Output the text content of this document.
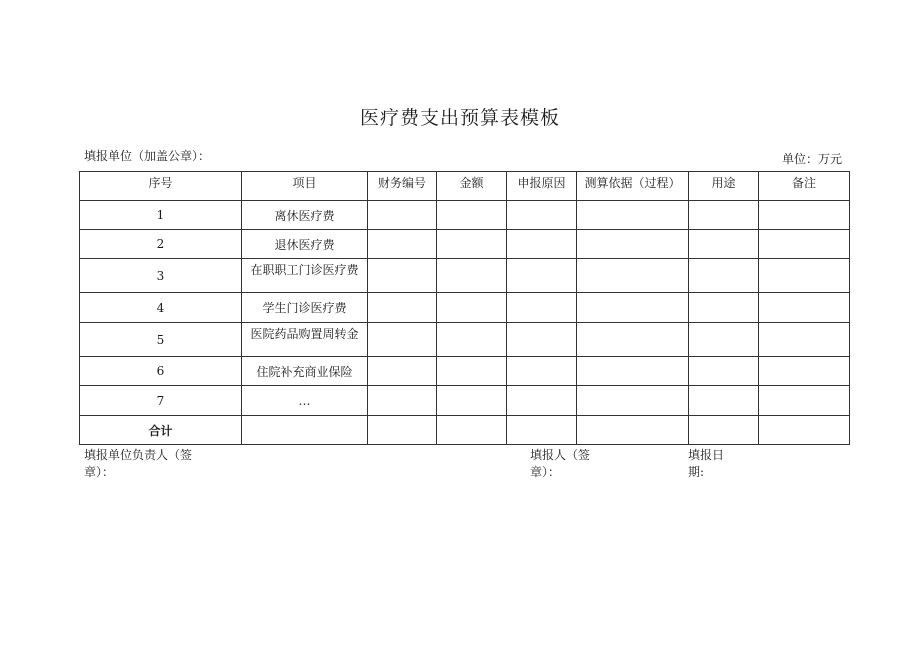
医疗费支出预算表模板
填报单位（加盖公章）：	单位：万元
序号	项目	财务编号	金额	申报原因	测算依据（过程）	用途	备注
1	离休医疗费						
2	退休医疗费						
3	在职职工门诊医疗费						
4	学生门诊医疗费						
5	医院药品购置周转金						
6	住院补充商业保险						
7	…						
合计							
填报单位负责人（签章）：
填报人（签章）：
填报日期:
